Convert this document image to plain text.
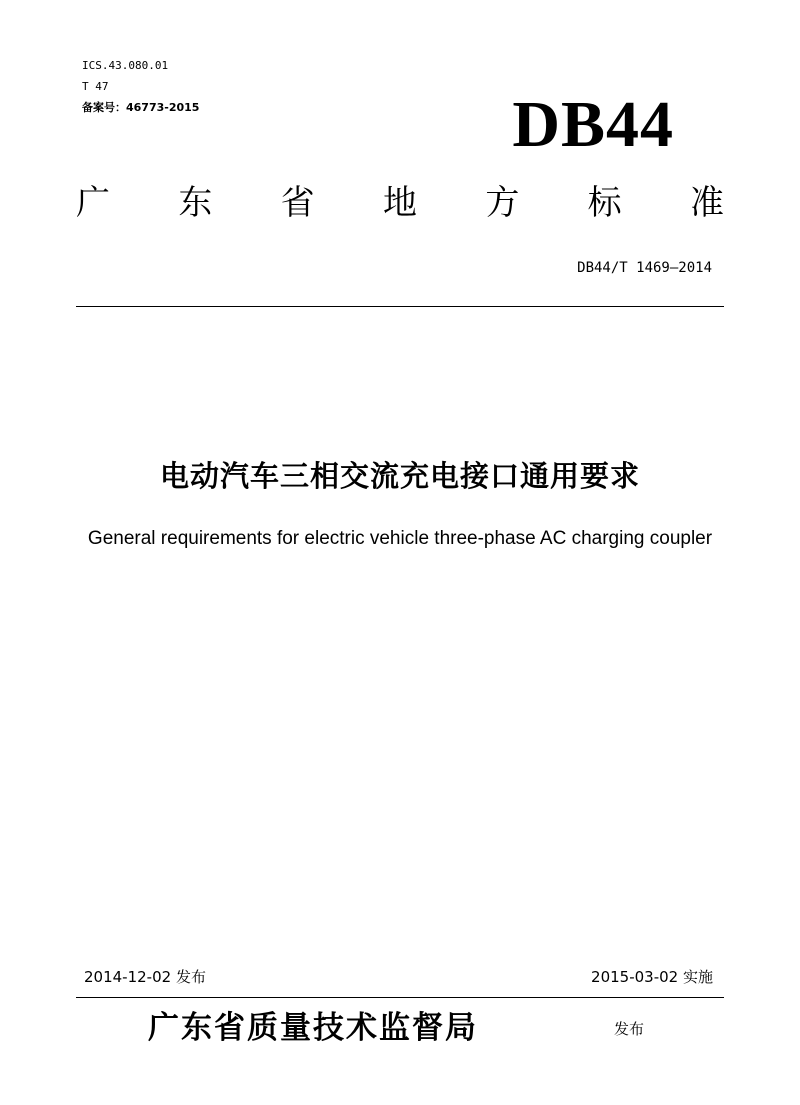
ICS.43.080.01
T 47
备案号：46773-2015	DB44
广 东 省 地 方 标 准
DB44/T 1469—2014
电动汽车三相交流充电接口通用要求
General requirements for electric vehicle three-phase AC charging coupler
2014-12-02 发布	2015-03-02 实施
广东省质量技术监督局	发布
